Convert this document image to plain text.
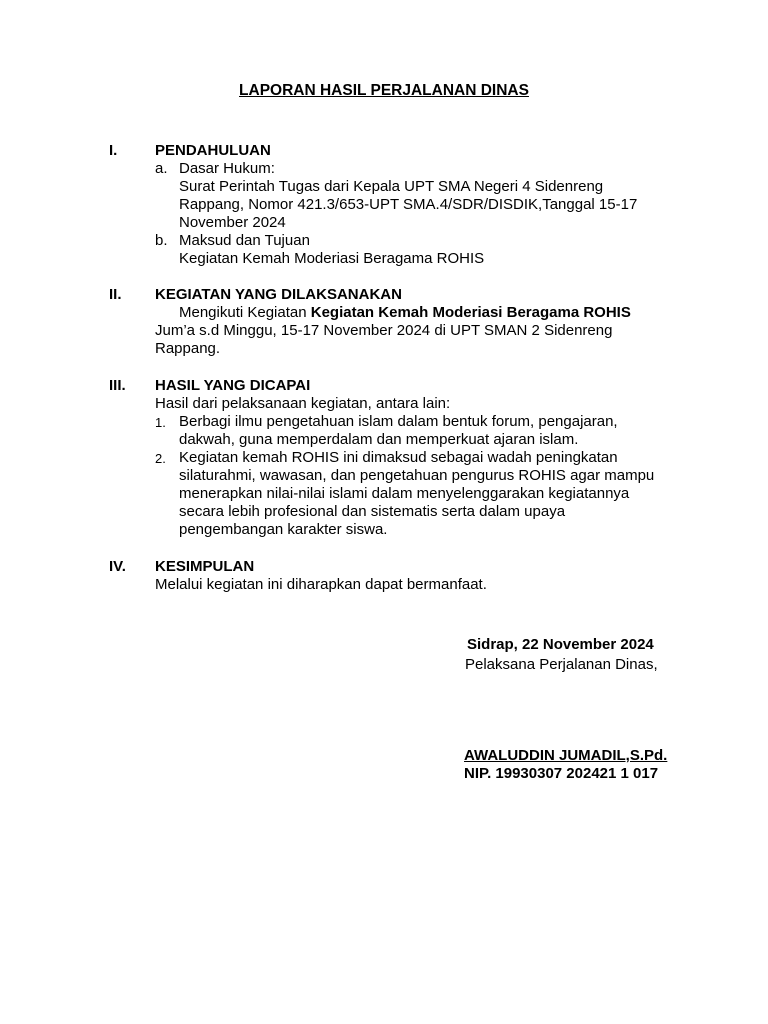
LAPORAN HASIL PERJALANAN DINAS
I.	PENDAHULUAN
a. Dasar Hukum:
Surat Perintah Tugas dari Kepala UPT SMA Negeri 4 Sidenreng
Rappang, Nomor 421.3/653-UPT SMA.4/SDR/DISDIK,Tanggal 15-17
November 2024
b. Maksud dan Tujuan
Kegiatan Kemah Moderiasi Beragama ROHIS
II. KEGIATAN YANG DILAKSANAKAN
Mengikuti Kegiatan Kegiatan Kemah Moderiasi Beragama ROHIS
Jum’a s.d Minggu, 15-17 November 2024 di UPT SMAN 2 Sidenreng
Rappang.
III. HASIL YANG DICAPAI
Hasil dari pelaksanaan kegiatan, antara lain:
1. Berbagi ilmu pengetahuan islam dalam bentuk forum, pengajaran,
dakwah, guna memperdalam dan memperkuat ajaran islam.
2. Kegiatan kemah ROHIS ini dimaksud sebagai wadah peningkatan
silaturahmi, wawasan, dan pengetahuan pengurus ROHIS agar mampu
menerapkan nilai-nilai islami dalam menyelenggarakan kegiatannya
secara lebih profesional dan sistematis serta dalam upaya
pengembangan karakter siswa.
IV. KESIMPULAN
Melalui kegiatan ini diharapkan dapat bermanfaat.
Sidrap, 22 November 2024
Pelaksana Perjalanan Dinas,
AWALUDDIN JUMADIL,S.Pd.
NIP. 19930307 202421 1 017
